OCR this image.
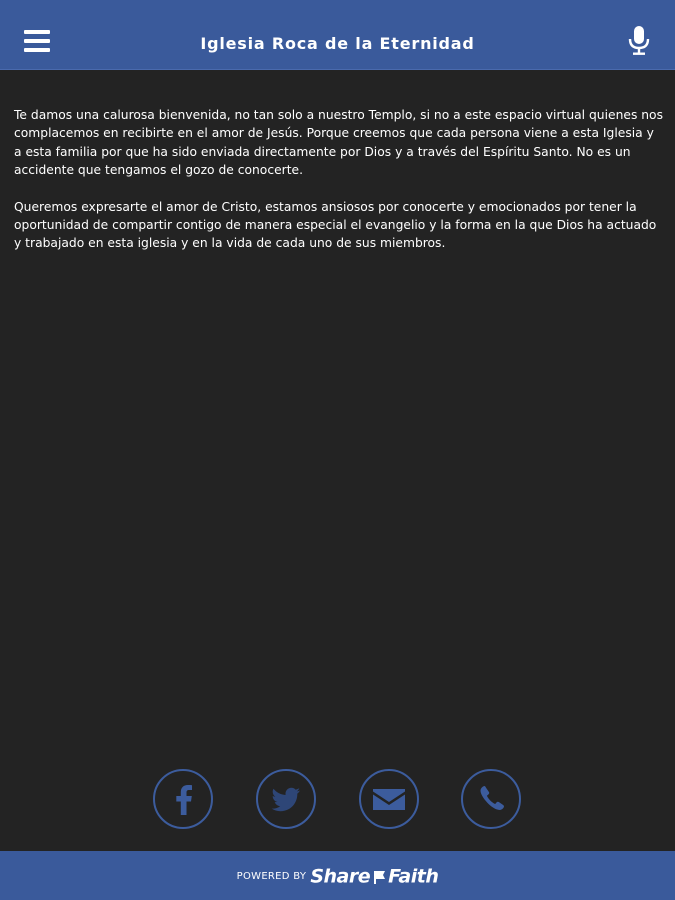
Iglesia Roca de la Eternidad

Te damos una calurosa bienvenida, no tan solo a nuestro Templo, si no a este espacio virtual quienes nos complacemos en recibirte en el amor de Jesús. Porque creemos que cada persona viene a esta Iglesia y a esta familia por que ha sido enviada directamente por Dios y a través del Espíritu Santo. No es un accidente que tengamos el gozo de conocerte.

Queremos expresarte el amor de Cristo, estamos ansiosos por conocerte y emocionados por tener la oportunidad de compartir contigo de manera especial el evangelio y la forma en la que Dios ha actuado y trabajado en esta iglesia y en la vida de cada uno de sus miembros.

POWERED BY Share Faith
